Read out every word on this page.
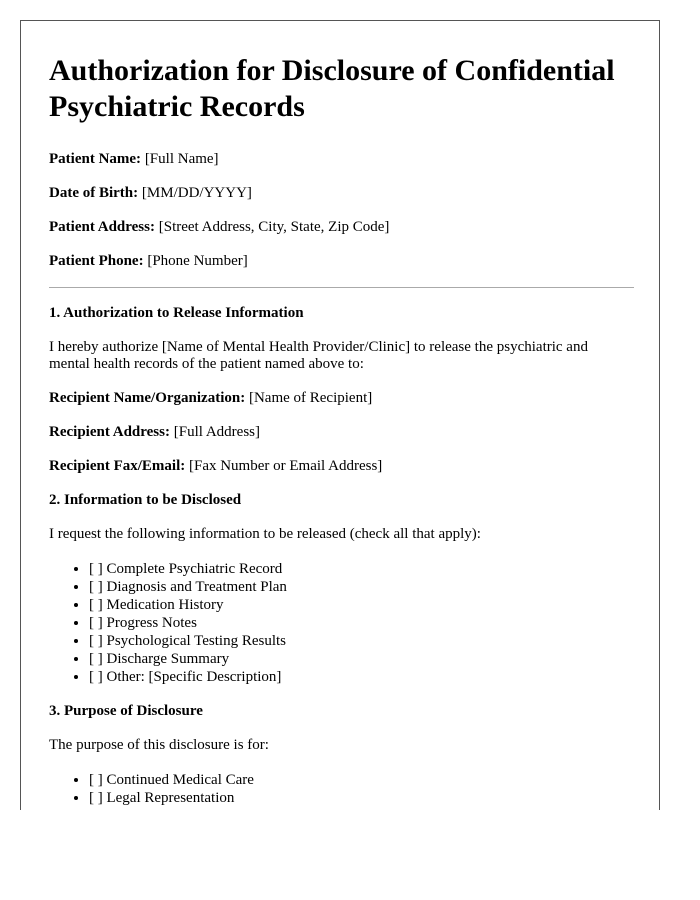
Authorization for Disclosure of Confidential Psychiatric Records

Patient Name: [Full Name]

Date of Birth: [MM/DD/YYYY]

Patient Address: [Street Address, City, State, Zip Code]

Patient Phone: [Phone Number]

1. Authorization to Release Information

I hereby authorize [Name of Mental Health Provider/Clinic] to release the psychiatric and mental health records of the patient named above to:

Recipient Name/Organization: [Name of Recipient]

Recipient Address: [Full Address]

Recipient Fax/Email: [Fax Number or Email Address]

2. Information to be Disclosed

I request the following information to be released (check all that apply):

• [ ] Complete Psychiatric Record
• [ ] Diagnosis and Treatment Plan
• [ ] Medication History
• [ ] Progress Notes
• [ ] Psychological Testing Results
• [ ] Discharge Summary
• [ ] Other: [Specific Description]

3. Purpose of Disclosure

The purpose of this disclosure is for:

• [ ] Continued Medical Care
• [ ] Legal Representation
